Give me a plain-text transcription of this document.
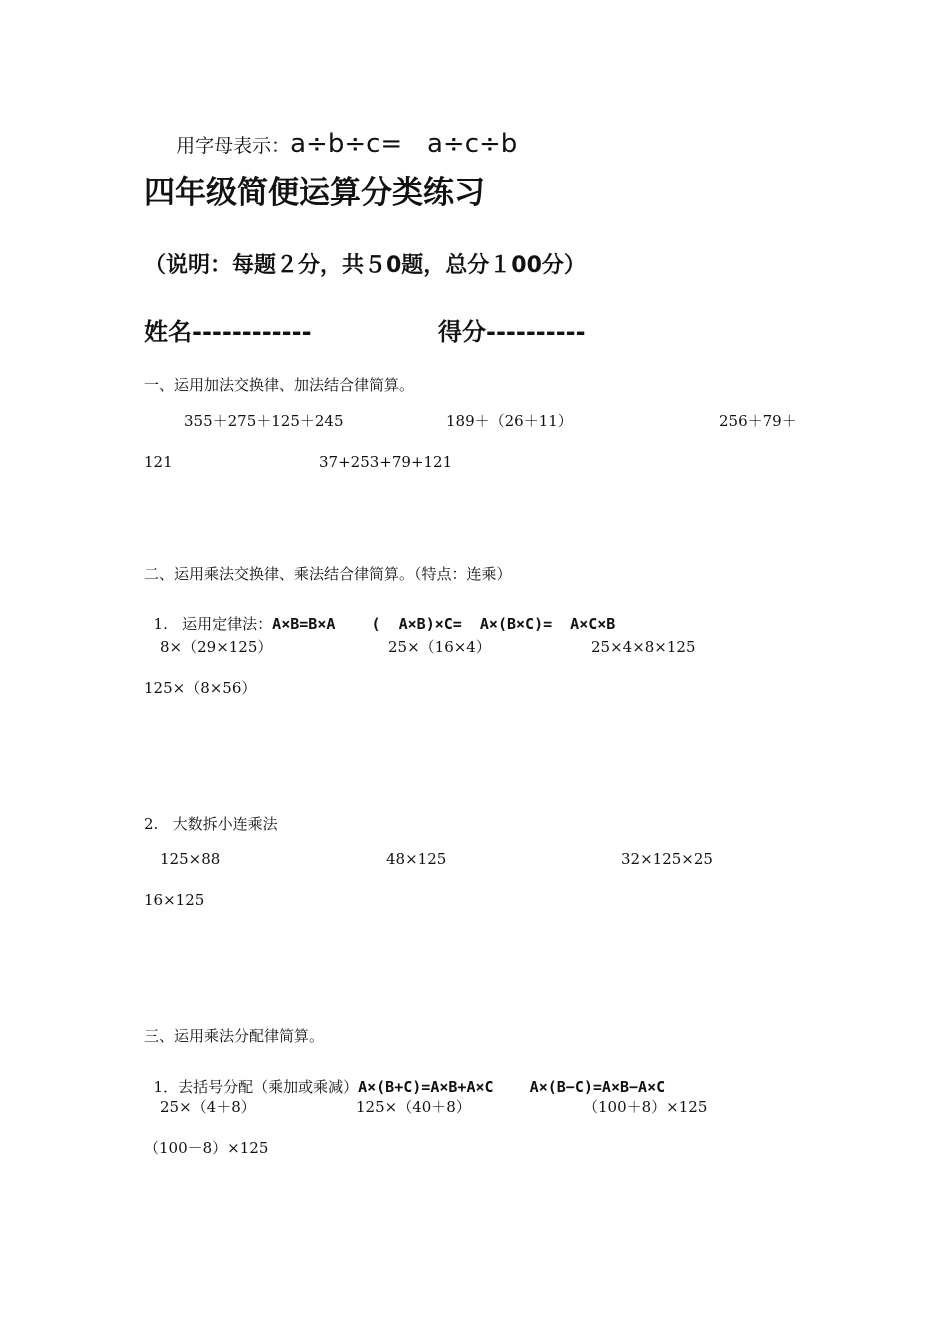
用字母表示：a÷b÷c= a÷c÷b

四年级简便运算分类练习
（说明：每题２分，共５0题，总分１00分）
姓名------------	得分----------
一、运用加法交换律、加法结合律简算。
355＋275＋125＋245	189＋（26＋11）	256＋79＋
121	37+253+79+121
二、运用乘法交换律、乘法结合律简算。（特点：连乘）

1.   运用定律法：A×B=B×A    (  A×B)×C=  A×(B×C)=  A×C×B

8×（29×125）	25×（16×4）	25×4×8×125
125×（8×56）
2.   大数拆小连乘法
125×88	48×125	32×125×25
16×125
三、运用乘法分配律简算。

1．去括号分配（乘加或乘减）A×(B+C)=A×B+A×C    A×(B−C)=A×B−A×C

25×（4＋8）	125×（40＋8）	（100＋8）×125
（100－8）×125
